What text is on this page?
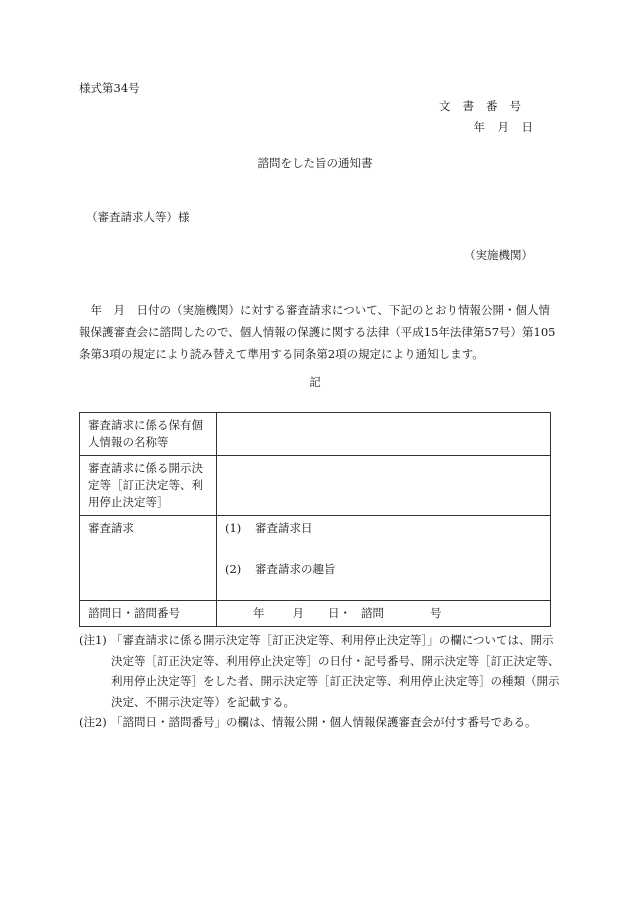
様式第34号
文書番号
年 月 日
諮問をした旨の通知書
（審査請求人等）様
（実施機関）
　年　月　日付の（実施機関）に対する審査請求について、下記のとおり情報公開・個人情
報保護審査会に諮問したので、個人情報の保護に関する法律（平成15年法律第57号）第105
条第3項の規定により読み替えて準用する同条第2項の規定により通知します。
記
審査請求に係る保有個
人情報の名称等	

審査請求に係る開示決
定等［訂正決定等、利
用停止決定等］	

審査請求	(1) 審査請求日
(2) 審査請求の趣旨

諮問日・諮問番号	年 月 日・ 諮問 号
(注1) 「審査請求に係る開示決定等［訂正決定等、利用停止決定等］」の欄については、開示
決定等［訂正決定等、利用停止決定等］の日付・記号番号、開示決定等［訂正決定等、
利用停止決定等］をした者、開示決定等［訂正決定等、利用停止決定等］の種類（開示
決定、不開示決定等）を記載する。
(注2) 「諮問日・諮問番号」の欄は、情報公開・個人情報保護審査会が付す番号である。
